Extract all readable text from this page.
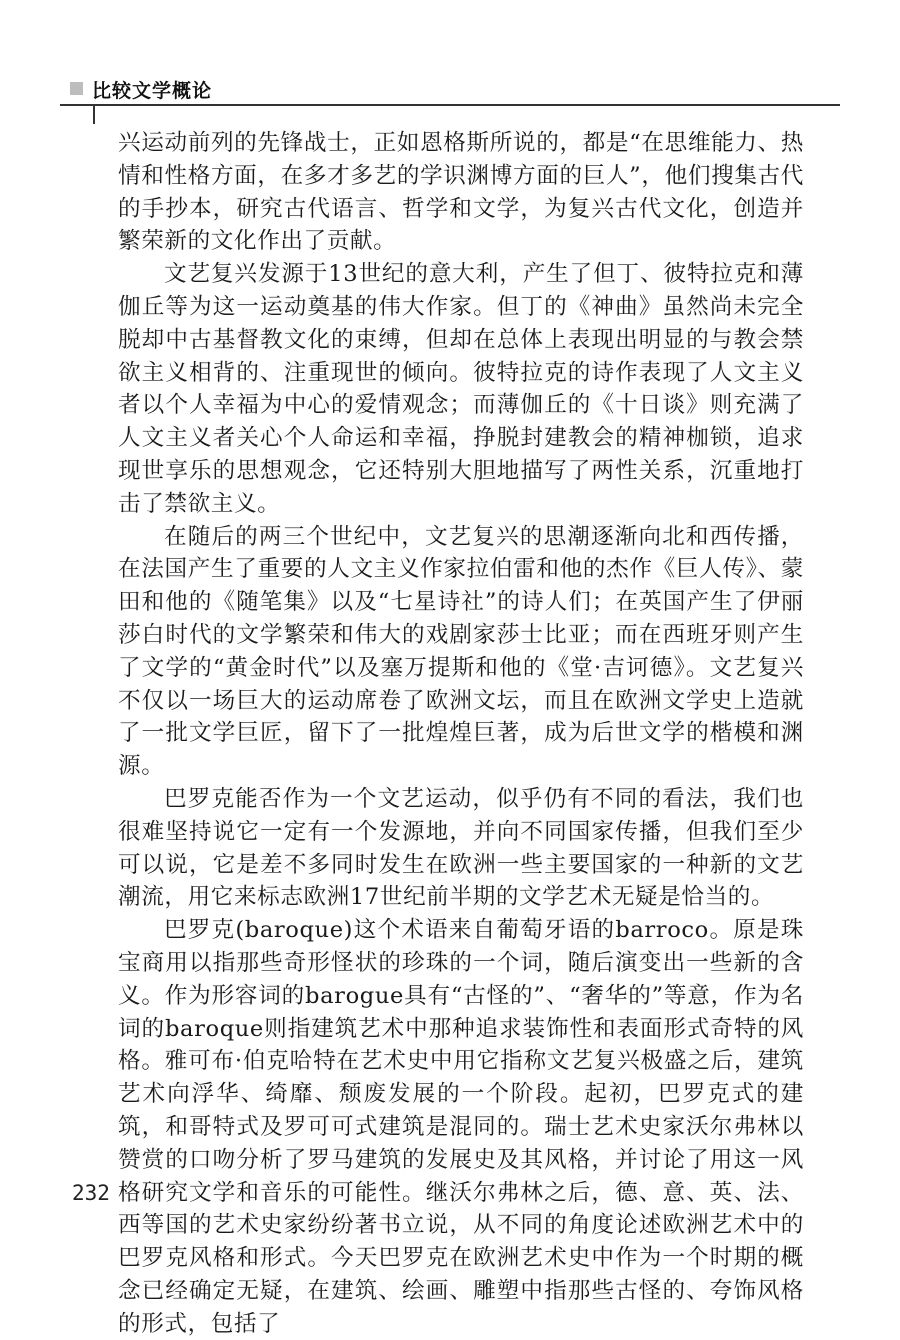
比较文学概论

兴运动前列的先锋战士，正如恩格斯所说的，都是“在思维能力、热情和性格方面，在多才多艺的学识渊博方面的巨人”，他们搜集古代的手抄本，研究古代语言、哲学和文学，为复兴古代文化，创造并繁荣新的文化作出了贡献。

文艺复兴发源于13世纪的意大利，产生了但丁、彼特拉克和薄伽丘等为这一运动奠基的伟大作家。但丁的《神曲》虽然尚未完全脱却中古基督教文化的束缚，但却在总体上表现出明显的与教会禁欲主义相背的、注重现世的倾向。彼特拉克的诗作表现了人文主义者以个人幸福为中心的爱情观念；而薄伽丘的《十日谈》则充满了人文主义者关心个人命运和幸福，挣脱封建教会的精神枷锁，追求现世享乐的思想观念，它还特别大胆地描写了两性关系，沉重地打击了禁欲主义。

在随后的两三个世纪中，文艺复兴的思潮逐渐向北和西传播，在法国产生了重要的人文主义作家拉伯雷和他的杰作《巨人传》、蒙田和他的《随笔集》以及“七星诗社”的诗人们；在英国产生了伊丽莎白时代的文学繁荣和伟大的戏剧家莎士比亚；而在西班牙则产生了文学的“黄金时代”以及塞万提斯和他的《堂·吉诃德》。文艺复兴不仅以一场巨大的运动席卷了欧洲文坛，而且在欧洲文学史上造就了一批文学巨匠，留下了一批煌煌巨著，成为后世文学的楷模和渊源。

巴罗克能否作为一个文艺运动，似乎仍有不同的看法，我们也很难坚持说它一定有一个发源地，并向不同国家传播，但我们至少可以说，它是差不多同时发生在欧洲一些主要国家的一种新的文艺潮流，用它来标志欧洲17世纪前半期的文学艺术无疑是恰当的。

巴罗克(baroque)这个术语来自葡萄牙语的barroco。原是珠宝商用以指那些奇形怪状的珍珠的一个词，随后演变出一些新的含义。作为形容词的barogue具有“古怪的”、“奢华的”等意，作为名词的baroque则指建筑艺术中那种追求装饰性和表面形式奇特的风格。雅可布·伯克哈特在艺术史中用它指称文艺复兴极盛之后，建筑艺术向浮华、绮靡、颓废发展的一个阶段。起初，巴罗克式的建筑，和哥特式及罗可可式建筑是混同的。瑞士艺术史家沃尔弗林以赞赏的口吻分析了罗马建筑的发展史及其风格，并讨论了用这一风格研究文学和音乐的可能性。继沃尔弗林之后，德、意、英、法、西等国的艺术史家纷纷著书立说，从不同的角度论述欧洲艺术中的巴罗克风格和形式。今天巴罗克在欧洲艺术史中作为一个时期的概念已经确定无疑，在建筑、绘画、雕塑中指那些古怪的、夸饰风格的形式，包括了

232
